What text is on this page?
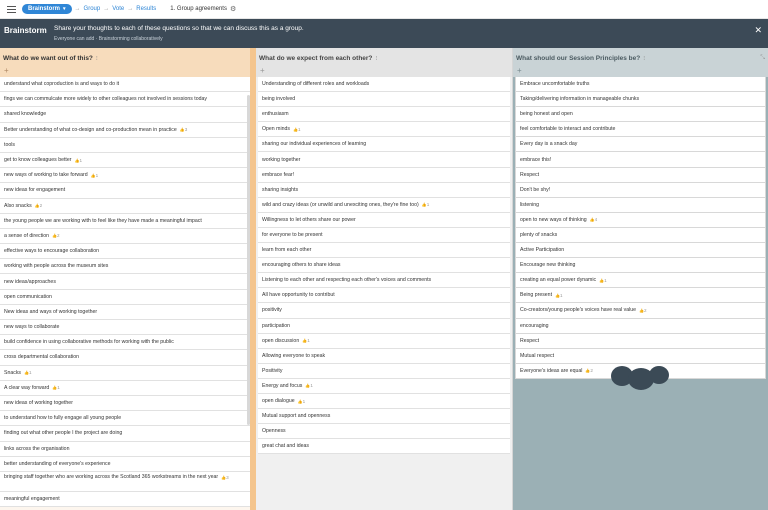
Brainstorm ▾ → Group → Vote → Results 1. Group agreements ⚙
Brainstorm Share your thoughts to each of these questions so that we can discuss this as a group.
Everyone can add · Brainstorming collaboratively
✕
What do we want out of this? ⁝
+
understand what coproduction is and ways to do it
fings we can commulcate more widely to other colleagues not involved in sessions today
shared knowledge
Better understanding of what co-design and co-production mean in practice 👍3
tools
get to know colleagues better 👍1
new ways of working to take forward 👍1
new ideas for engagement
Also snacks 👍2
the young people we are working with to feel like they have made a meaningful impact
a sense of direction 👍2
effective ways to encourage collaboration
working with people across the museum sites
new ideas/approaches
open communication
New ideas and ways of working together
new ways to collaborate
build confidence in using collaborative methods for working with the public
cross departmental collaboration
Snacks 👍1
A clear way forward 👍1
new ideas of working together
to understand how to fully engage all young people
finding out what other people I the project are doing
links across the organisation
better understanding of everyone's experience
bringing staff together who are working across the Scotland 365 workstreams in the next year 👍3
meaningful engagement
What do we expect from each other? ⁝
+
Understanding of different roles and workloads
being involved
enthusiasm
Open minds 👍1
sharing our individual experiences of learning
working together
embrace fear!
sharing insights
wild and crazy ideas (or unwild and unexciting ones, they're fine too) 👍1
Willingness to let others share our power
for everyone to be present
learn from each other
encouraging others to share ideas
Listening to each other and respecting each other's voices and comments
All have opportunity to contribut
positivity
participation
open discussion 👍1
Allowing everyone to speak
Positivity
Energy and focus 👍1
open dialogue 👍1
Mutual support and openness
Openness
great chat and ideas
What should our Session Principles be? ⁝	⤡
+
Embrace uncomfortable truths
Taking/delivering information in manageable chunks
being honest and open
feel comfortable to interact and contribute
Every day is a snack day
embrace this!
Respect
Don't be shy!
listening
open to new ways of thinking 👍4
plenty of snacks
Active Participation
Encourage new thinking
creating an equal power dynamic 👍1
Being present 👍1
Co-creators/young people's voices have real value 👍2
encouraging
Respect
Mutual respect
Everyone's ideas are equal 👍2
